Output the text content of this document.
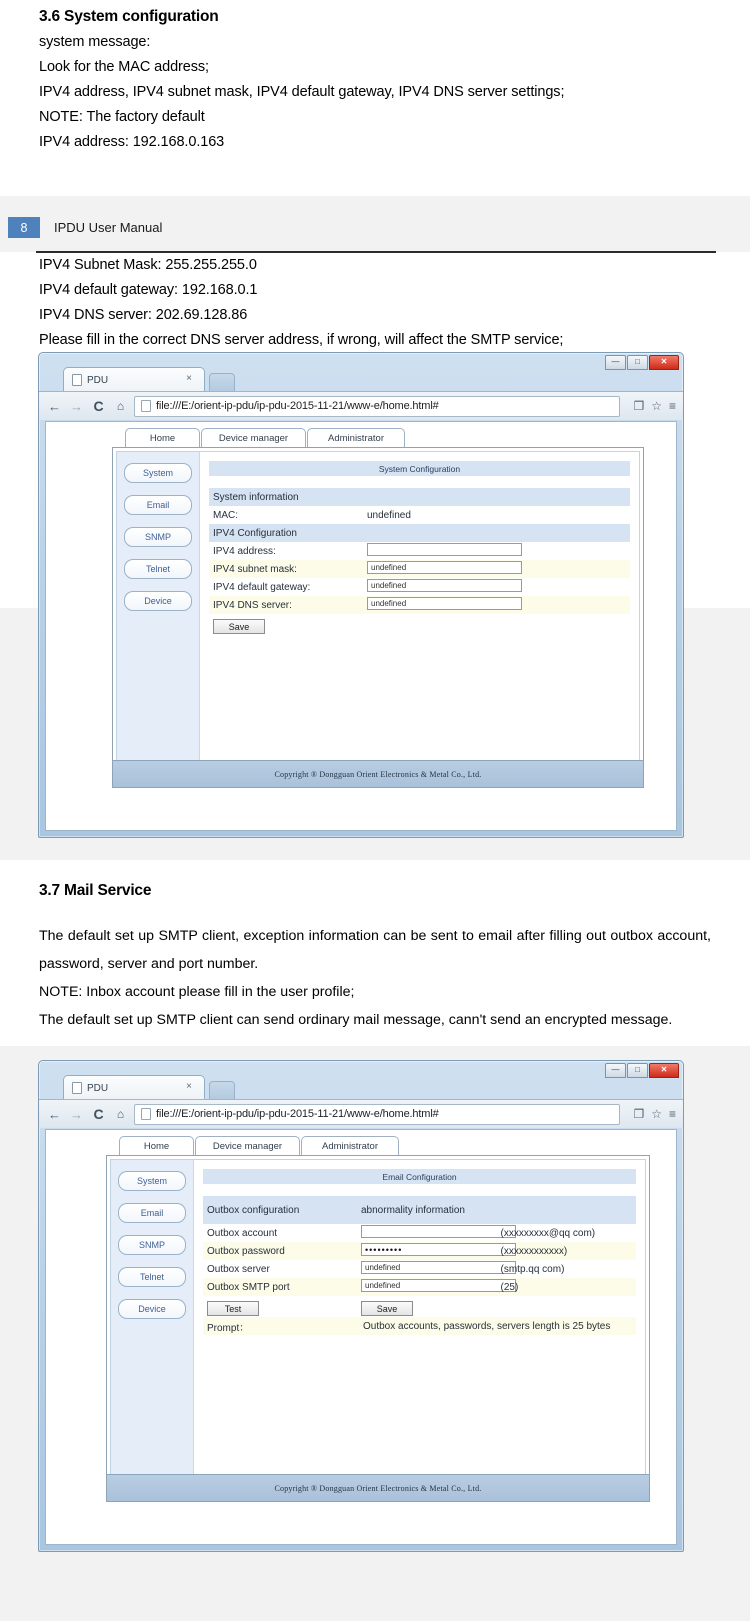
3.6 System configuration
system message:
Look for the MAC address;
IPV4 address, IPV4 subnet mask, IPV4 default gateway, IPV4 DNS server settings;
NOTE: The factory default
IPV4 address: 192.168.0.163
8	IPDU User Manual
IPV4 Subnet Mask: 255.255.255.0
IPV4 default gateway: 192.168.0.1
IPV4 DNS server: 202.69.128.86
Please fill in the correct DNS server address, if wrong, will affect the SMTP service;
—	□	✕
PDU	×
← → C ⌂	file:///E:/orient-ip-pdu/ip-pdu-2015-11-21/www-e/home.html#	❐ ☆ ≡
Home	Device manager	Administrator
System
Email
SNMP
Telnet
Device
System Configuration
System information	
MAC:	undefined
IPV4 Configuration	
IPV4 address:	
IPV4 subnet mask:	undefined
IPV4 default gateway:	undefined
IPV4 DNS server:	undefined
Save	
Copyright ® Dongguan Orient Electronics & Metal Co., Ltd.
3.7 Mail Service
The default set up SMTP client, exception information can be sent to email after filling out outbox account, password, server and port number.
NOTE: Inbox account please fill in the user profile;
The default set up SMTP client can send ordinary mail message, cann't send an encrypted message.
—	□	✕
PDU	×
← → C ⌂	file:///E:/orient-ip-pdu/ip-pdu-2015-11-21/www-e/home.html#	❐ ☆ ≡
Home	Device manager	Administrator
System
Email
SNMP
Telnet
Device
Email Configuration
Outbox configuration	abnormality information	
Outbox account		(xxxxxxxxx@qq com)
Outbox password	•••••••••	(xxxxxxxxxxxx)
Outbox server	undefined	(smtp.qq com)
Outbox SMTP port	undefined	(25)
Test	Save	
Prompt：	Outbox accounts, passwords, servers length is 25 bytes	
Copyright ® Dongguan Orient Electronics & Metal Co., Ltd.
